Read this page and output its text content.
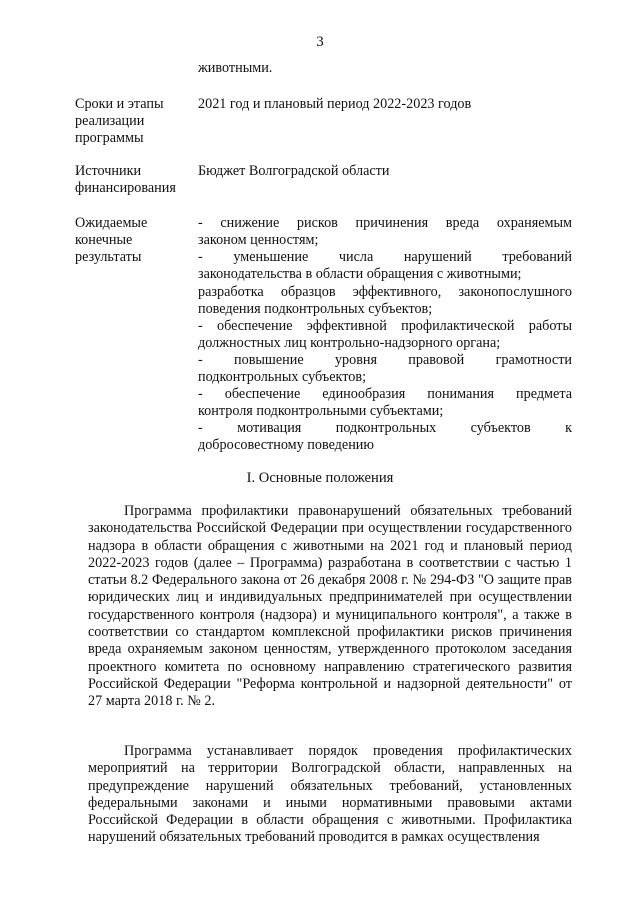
3
животными.
Сроки и этапы
реализации
программы
2021 год и плановый период 2022-2023 годов
Источники
финансирования
Бюджет Волгоградской области
Ожидаемые
конечные
результаты
- снижение рисков причинения вреда охраняемым
законом ценностям;
- уменьшение числа нарушений требований
законодательства в области обращения с животными;
разработка образцов эффективного, законопослушного
поведения подконтрольных субъектов;
- обеспечение эффективной профилактической работы
должностных лиц контрольно-надзорного органа;
- повышение уровня правовой грамотности
подконтрольных субъектов;
- обеспечение единообразия понимания предмета
контроля подконтрольными субъектами;
- мотивация подконтрольных субъектов к
добросовестному поведению
I. Основные положения

Программа профилактики правонарушений обязательных требований законодательства Российской Федерации при осуществлении государственного надзора в области обращения с животными на 2021 год и плановый период 2022-2023 годов (далее – Программа) разработана в соответствии с частью 1 статьи 8.2 Федерального закона от 26 декабря 2008 г. № 294-ФЗ "О защите прав юридических лиц и индивидуальных предпринимателей при осуществлении государственного контроля (надзора) и муниципального контроля", а также в соответствии со стандартом комплексной профилактики рисков причинения вреда охраняемым законом ценностям, утвержденного протоколом заседания проектного комитета по основному направлению стратегического развития Российской Федерации "Реформа контрольной и надзорной деятельности" от 27 марта 2018 г. № 2.

Программа устанавливает порядок проведения профилактических мероприятий на территории Волгоградской области, направленных на предупреждение нарушений обязательных требований, установленных федеральными законами и иными нормативными правовыми актами Российской Федерации в области обращения с животными. Профилактика нарушений обязательных требований проводится в рамках осуществления
